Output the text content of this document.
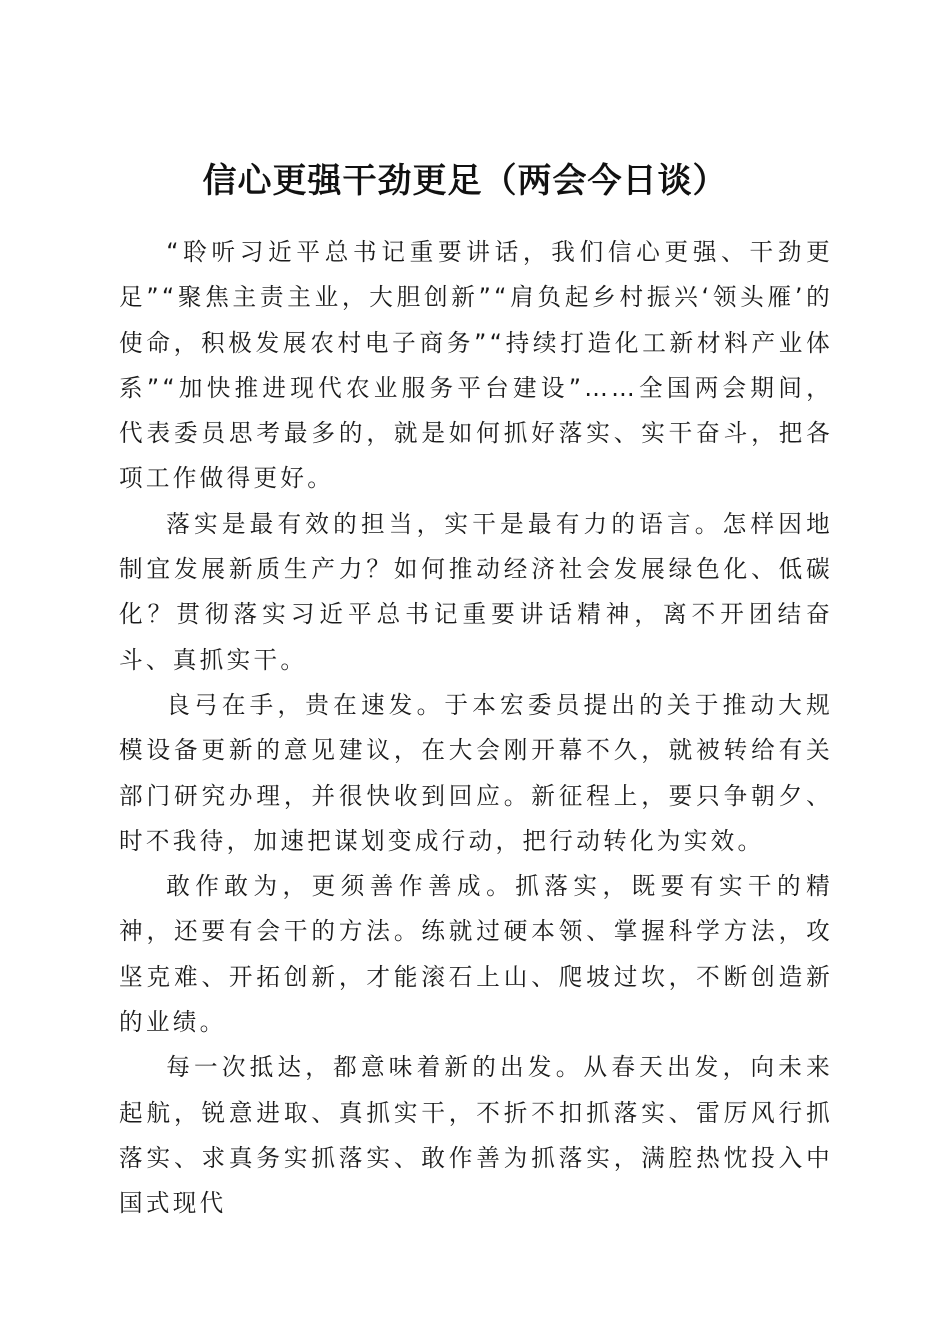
信心更强干劲更足（两会今日谈）

“聆听习近平总书记重要讲话，我们信心更强、干劲更足”“聚焦主责主业，大胆创新”“肩负起乡村振兴‘领头雁’的使命，积极发展农村电子商务”“持续打造化工新材料产业体系”“加快推进现代农业服务平台建设”……全国两会期间，代表委员思考最多的，就是如何抓好落实、实干奋斗，把各项工作做得更好。

落实是最有效的担当，实干是最有力的语言。怎样因地制宜发展新质生产力？如何推动经济社会发展绿色化、低碳化？贯彻落实习近平总书记重要讲话精神，离不开团结奋斗、真抓实干。

良弓在手，贵在速发。于本宏委员提出的关于推动大规模设备更新的意见建议，在大会刚开幕不久，就被转给有关部门研究办理，并很快收到回应。新征程上，要只争朝夕、时不我待，加速把谋划变成行动，把行动转化为实效。

敢作敢为，更须善作善成。抓落实，既要有实干的精神，还要有会干的方法。练就过硬本领、掌握科学方法，攻坚克难、开拓创新，才能滚石上山、爬坡过坎，不断创造新的业绩。

每一次抵达，都意味着新的出发。从春天出发，向未来起航，锐意进取、真抓实干，不折不扣抓落实、雷厉风行抓落实、求真务实抓落实、敢作善为抓落实，满腔热忱投入中国式现代
